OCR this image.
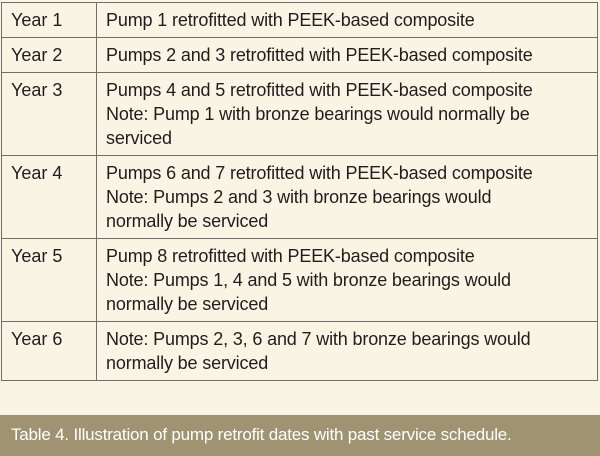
Year 1	Pump 1 retrofitted with PEEK-based composite

Year 2	Pumps 2 and 3 retrofitted with PEEK-based composite

Year 3	Pumps 4 and 5 retrofitted with PEEK-based composite
Note: Pump 1 with bronze bearings would normally be
serviced

Year 4	Pumps 6 and 7 retrofitted with PEEK-based composite
Note: Pumps 2 and 3 with bronze bearings would
normally be serviced

Year 5	Pump 8 retrofitted with PEEK-based composite
Note: Pumps 1, 4 and 5 with bronze bearings would
normally be serviced

Year 6	Note: Pumps 2, 3, 6 and 7 with bronze bearings would
normally be serviced
Table 4. Illustration of pump retrofit dates with past service schedule.
